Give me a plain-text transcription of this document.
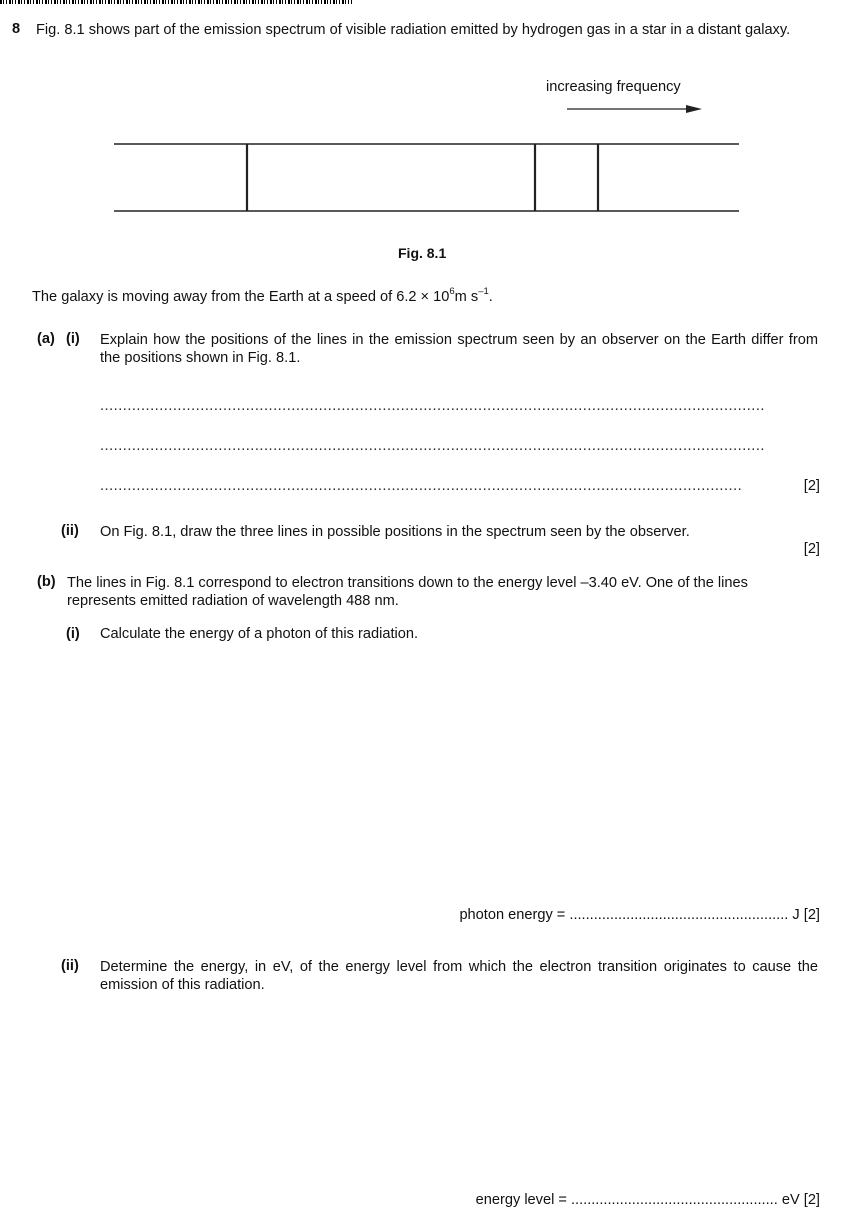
8 Fig. 8.1 shows part of the emission spectrum of visible radiation emitted by hydrogen gas in a star in a distant galaxy.
increasing frequency
Fig. 8.1
The galaxy is moving away from the Earth at a speed of $6.2 \times 10^6m$ $s^{-1}$.
(a) (i) Explain how the positions of the lines in the emission spectrum seen by an observer on the Earth differ from the positions shown in Fig. 8.1.
..................................................................................................................................................
..................................................................................................................................................
.............................................................................................................................................	[2]
(ii) On Fig. 8.1, draw the three lines in possible positions in the spectrum seen by the observer.
[2]
(b) The lines in Fig. 8.1 correspond to electron transitions down to the energy level –3.40 eV. One of the lines represents emitted radiation of wavelength 488 nm.
(i) Calculate the energy of a photon of this radiation.
photon energy = ...................................................... J [2]
(ii) Determine the energy, in eV, of the energy level from which the electron transition originates to cause the emission of this radiation.
energy level = ................................................... eV [2]
